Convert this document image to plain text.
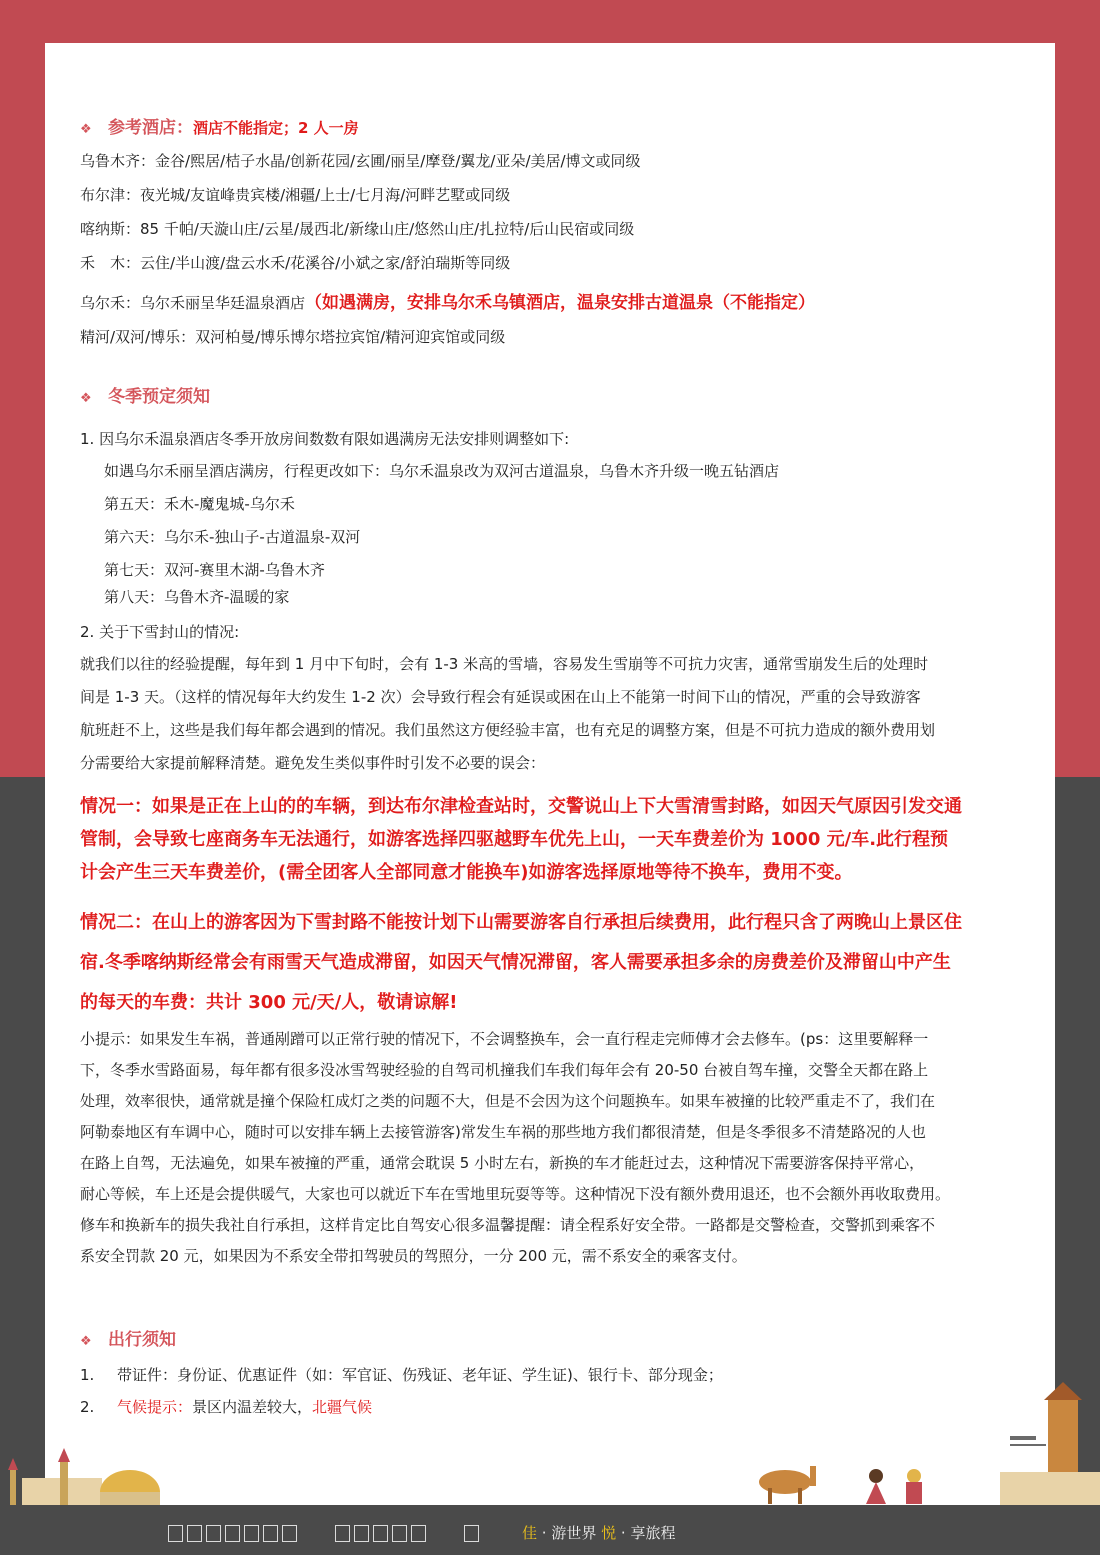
❖ 参考酒店：酒店不能指定；2 人一房
乌鲁木齐：金谷/熙居/桔子水晶/创新花园/玄圃/丽呈/摩登/翼龙/亚朵/美居/博文或同级
布尔津：夜光城/友谊峰贵宾楼/湘疆/上士/七月海/河畔艺墅或同级
喀纳斯：85 千帕/天漩山庄/云星/晟西北/新缘山庄/悠然山庄/扎拉特/后山民宿或同级
禾　木：云住/半山渡/盘云水禾/花溪谷/小斌之家/舒泊瑞斯等同级
乌尔禾：乌尔禾丽呈华廷温泉酒店（如遇满房，安排乌尔禾乌镇酒店，温泉安排古道温泉（不能指定）
精河/双河/博乐：双河柏曼/博乐博尔塔拉宾馆/精河迎宾馆或同级
❖ 冬季预定须知
1. 因乌尔禾温泉酒店冬季开放房间数数有限如遇满房无法安排则调整如下:
如遇乌尔禾丽呈酒店满房，行程更改如下：乌尔禾温泉改为双河古道温泉，乌鲁木齐升级一晚五钻酒店
第五天：禾木-魔鬼城-乌尔禾
第六天：乌尔禾-独山子-古道温泉-双河
第七天：双河-赛里木湖-乌鲁木齐
第八天：乌鲁木齐-温暖的家
2. 关于下雪封山的情况:
就我们以往的经验提醒，每年到 1 月中下旬时，会有 1-3 米高的雪墙，容易发生雪崩等不可抗力灾害，通常雪崩发生后的处理时
间是 1-3 天。（这样的情况每年大约发生 1-2 次）会导致行程会有延误或困在山上不能第一时间下山的情况，严重的会导致游客
航班赶不上，这些是我们每年都会遇到的情况。我们虽然这方便经验丰富，也有充足的调整方案，但是不可抗力造成的额外费用划
分需要给大家提前解释清楚。避免发生类似事件时引发不必要的误会：
情况一：如果是正在上山的的车辆，到达布尔津检查站时，交警说山上下大雪清雪封路，如因天气原因引发交通
管制，会导致七座商务车无法通行，如游客选择四驱越野车优先上山，一天车费差价为 1000 元/车.此行程预
计会产生三天车费差价，(需全团客人全部同意才能换车)如游客选择原地等待不换车，费用不变。
情况二：在山上的游客因为下雪封路不能按计划下山需要游客自行承担后续费用，此行程只含了两晚山上景区住
宿.冬季喀纳斯经常会有雨雪天气造成滞留，如因天气情况滞留，客人需要承担多余的房费差价及滞留山中产生
的每天的车费：共计 300 元/天/人，敬请谅解!
小提示：如果发生车祸，普通剐蹭可以正常行驶的情况下，不会调整换车，会一直行程走完师傅才会去修车。(ps：这里要解释一
下，冬季水雪路面易，每年都有很多没冰雪驾驶经验的自驾司机撞我们车我们每年会有 20-50 台被自驾车撞，交警全天都在路上
处理，效率很快，通常就是撞个保险杠成灯之类的问题不大，但是不会因为这个问题换车。如果车被撞的比较严重走不了，我们在
阿勒泰地区有车调中心，随时可以安排车辆上去接管游客)常发生车祸的那些地方我们都很清楚，但是冬季很多不清楚路况的人也
在路上自驾，无法遍免，如果车被撞的严重，通常会耽误 5 小时左右，新换的车才能赶过去，这种情况下需要游客保持平常心，
耐心等候，车上还是会提供暖气，大家也可以就近下车在雪地里玩耍等等。这种情况下没有额外费用退还，也不会额外再收取费用。
修车和换新车的损失我社自行承担，这样肯定比自驾安心很多温馨提醒：请全程系好安全带。一路都是交警检查，交警抓到乘客不
系安全罚款 20 元，如果因为不系安全带扣驾驶员的驾照分，一分 200 元，需不系安全的乘客支付。
❖ 出行须知
1. 带证件：身份证、优惠证件（如：军官证、伤残证、老年证、学生证)、银行卡、部分现金；
2. 气候提示：景区内温差较大，北疆气候

佳 · 游世界 悦 · 享旅程
